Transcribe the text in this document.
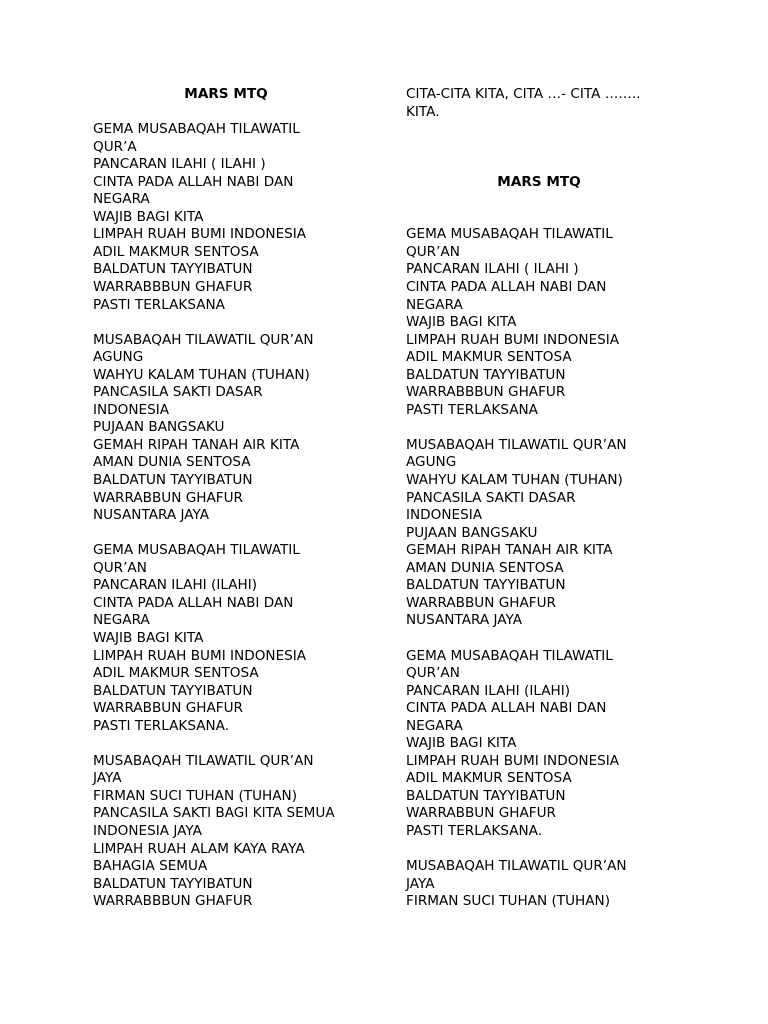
MARS MTQ
GEMA MUSABAQAH TILAWATIL
QUR’A
PANCARAN ILAHI ( ILAHI )
CINTA PADA ALLAH NABI DAN
NEGARA
WAJIB BAGI KITA
LIMPAH RUAH BUMI INDONESIA
ADIL MAKMUR SENTOSA
BALDATUN TAYYIBATUN
WARRABBBUN GHAFUR
PASTI TERLAKSANA
MUSABAQAH TILAWATIL QUR’AN
AGUNG
WAHYU KALAM TUHAN (TUHAN)
PANCASILA SAKTI DASAR
INDONESIA
PUJAAN BANGSAKU
GEMAH RIPAH TANAH AIR KITA
AMAN DUNIA SENTOSA
BALDATUN TAYYIBATUN
WARRABBUN GHAFUR
NUSANTARA JAYA
GEMA MUSABAQAH TILAWATIL
QUR’AN
PANCARAN ILAHI (ILAHI)
CINTA PADA ALLAH NABI DAN
NEGARA
WAJIB BAGI KITA
LIMPAH RUAH BUMI INDONESIA
ADIL MAKMUR SENTOSA
BALDATUN TAYYIBATUN
WARRABBUN GHAFUR
PASTI TERLAKSANA.
MUSABAQAH TILAWATIL QUR’AN
JAYA
FIRMAN SUCI TUHAN (TUHAN)
PANCASILA SAKTI BAGI KITA SEMUA
INDONESIA JAYA
LIMPAH RUAH ALAM KAYA RAYA
BAHAGIA SEMUA
BALDATUN TAYYIBATUN
WARRABBBUN GHAFUR
CITA-CITA KITA, CITA …- CITA ……..
KITA.
MARS MTQ
GEMA MUSABAQAH TILAWATIL
QUR’AN
PANCARAN ILAHI ( ILAHI )
CINTA PADA ALLAH NABI DAN
NEGARA
WAJIB BAGI KITA
LIMPAH RUAH BUMI INDONESIA
ADIL MAKMUR SENTOSA
BALDATUN TAYYIBATUN
WARRABBBUN GHAFUR
PASTI TERLAKSANA
MUSABAQAH TILAWATIL QUR’AN
AGUNG
WAHYU KALAM TUHAN (TUHAN)
PANCASILA SAKTI DASAR
INDONESIA
PUJAAN BANGSAKU
GEMAH RIPAH TANAH AIR KITA
AMAN DUNIA SENTOSA
BALDATUN TAYYIBATUN
WARRABBUN GHAFUR
NUSANTARA JAYA
GEMA MUSABAQAH TILAWATIL
QUR’AN
PANCARAN ILAHI (ILAHI)
CINTA PADA ALLAH NABI DAN
NEGARA
WAJIB BAGI KITA
LIMPAH RUAH BUMI INDONESIA
ADIL MAKMUR SENTOSA
BALDATUN TAYYIBATUN
WARRABBUN GHAFUR
PASTI TERLAKSANA.
MUSABAQAH TILAWATIL QUR’AN
JAYA
FIRMAN SUCI TUHAN (TUHAN)
